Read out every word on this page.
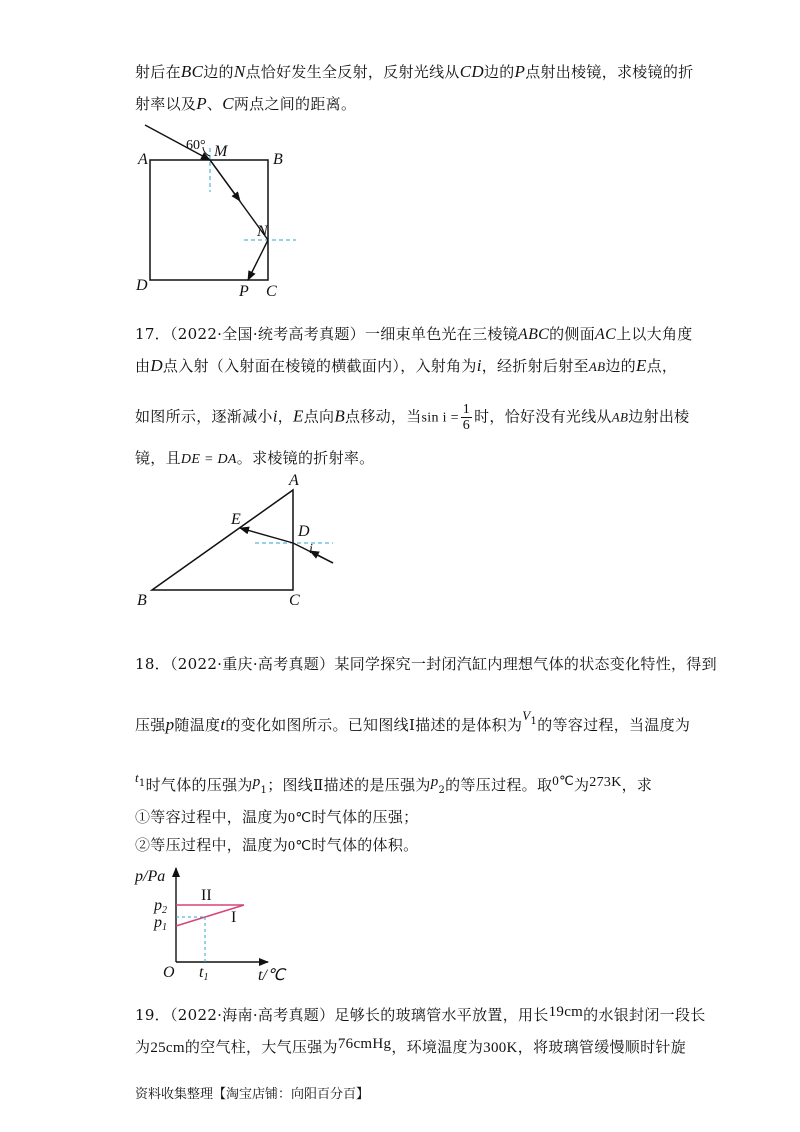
射后在BC边的N点恰好发生全反射，反射光线从CD边的P点射出棱镜，求棱镜的折
射率以及P、C两点之间的距离。
60° M
A	B
N
D	P C
17．（2022·全国·统考高考真题）一细束单色光在三棱镜ABC的侧面AC上以大角度
由D点入射（入射面在棱镜的横截面内），入射角为i，经折射后射至AB边的E点，
如图所示，逐渐减小i，E点向B点移动，当$\sin i = \frac{1}{6}$ 时，恰好没有光线从AB边射出棱
镜，且DE = DA。求棱镜的折射率。
A
E
D
i
B	C
18．（2022·重庆·高考真题）某同学探究一封闭汽缸内理想气体的状态变化特性，得到
压强p随温度t的变化如图所示。已知图线Ⅰ描述的是体积为$V^1$的等容过程，当温度为
$t^1$时气体的压强为$p_1$；图线Ⅱ描述的是压强为$p_2$的等压过程。取0℃为273K，求
①等容过程中，温度为0℃时气体的压强；
②等压过程中，温度为0℃时气体的体积。
p/Pa
II
I
p2
p1
O t1	t/℃
19．（2022·海南·高考真题）足够长的玻璃管水平放置，用长19cm的水银封闭一段长
为25cm的空气柱，大气压强为76cmHg，环境温度为300K，将玻璃管缓慢顺时针旋
资料收集整理【淘宝店铺：向阳百分百】
